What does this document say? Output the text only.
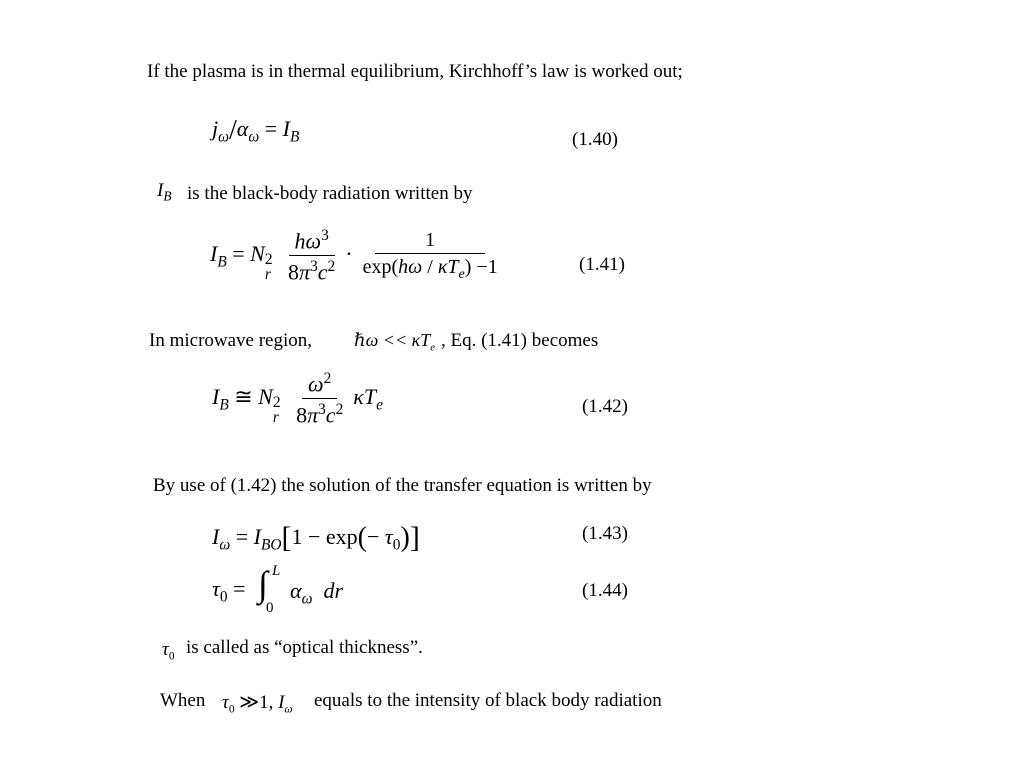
If the plasma is in thermal equilibrium, Kirchhoff’s law is worked out;
$j_\omega/\alpha_\omega = I_B$	(1.40)
$I_B$ is the black-body radiation written by
$I_B = N$ 2
r
$\frac{h\omega^3}{8\pi^3c^2} \cdot \frac{1}{\exp(h\omega / \kappa T_e) -1}$	(1.41)
In microwave region, ℏω << $\kappa T_e$ , Eq. (1.41) becomes
$I_B$ ≅ N 2
r
$\frac{\omega^2}{8\pi^3c^2} \kappa T_e$	(1.42)
By use of (1.42) the solution of the transfer equation is written by
$I_\omega = I_{BO}[1 - \exp(- \tau_0)]$	(1.43)
$\tau_0$ = ∫ L
0
$\alpha_\omega$ dr	(1.44)
$\tau_0$ is called as “optical thickness”.
When $\tau_0$ ≫1, $I_\omega$ equals to the intensity of black body radiation
